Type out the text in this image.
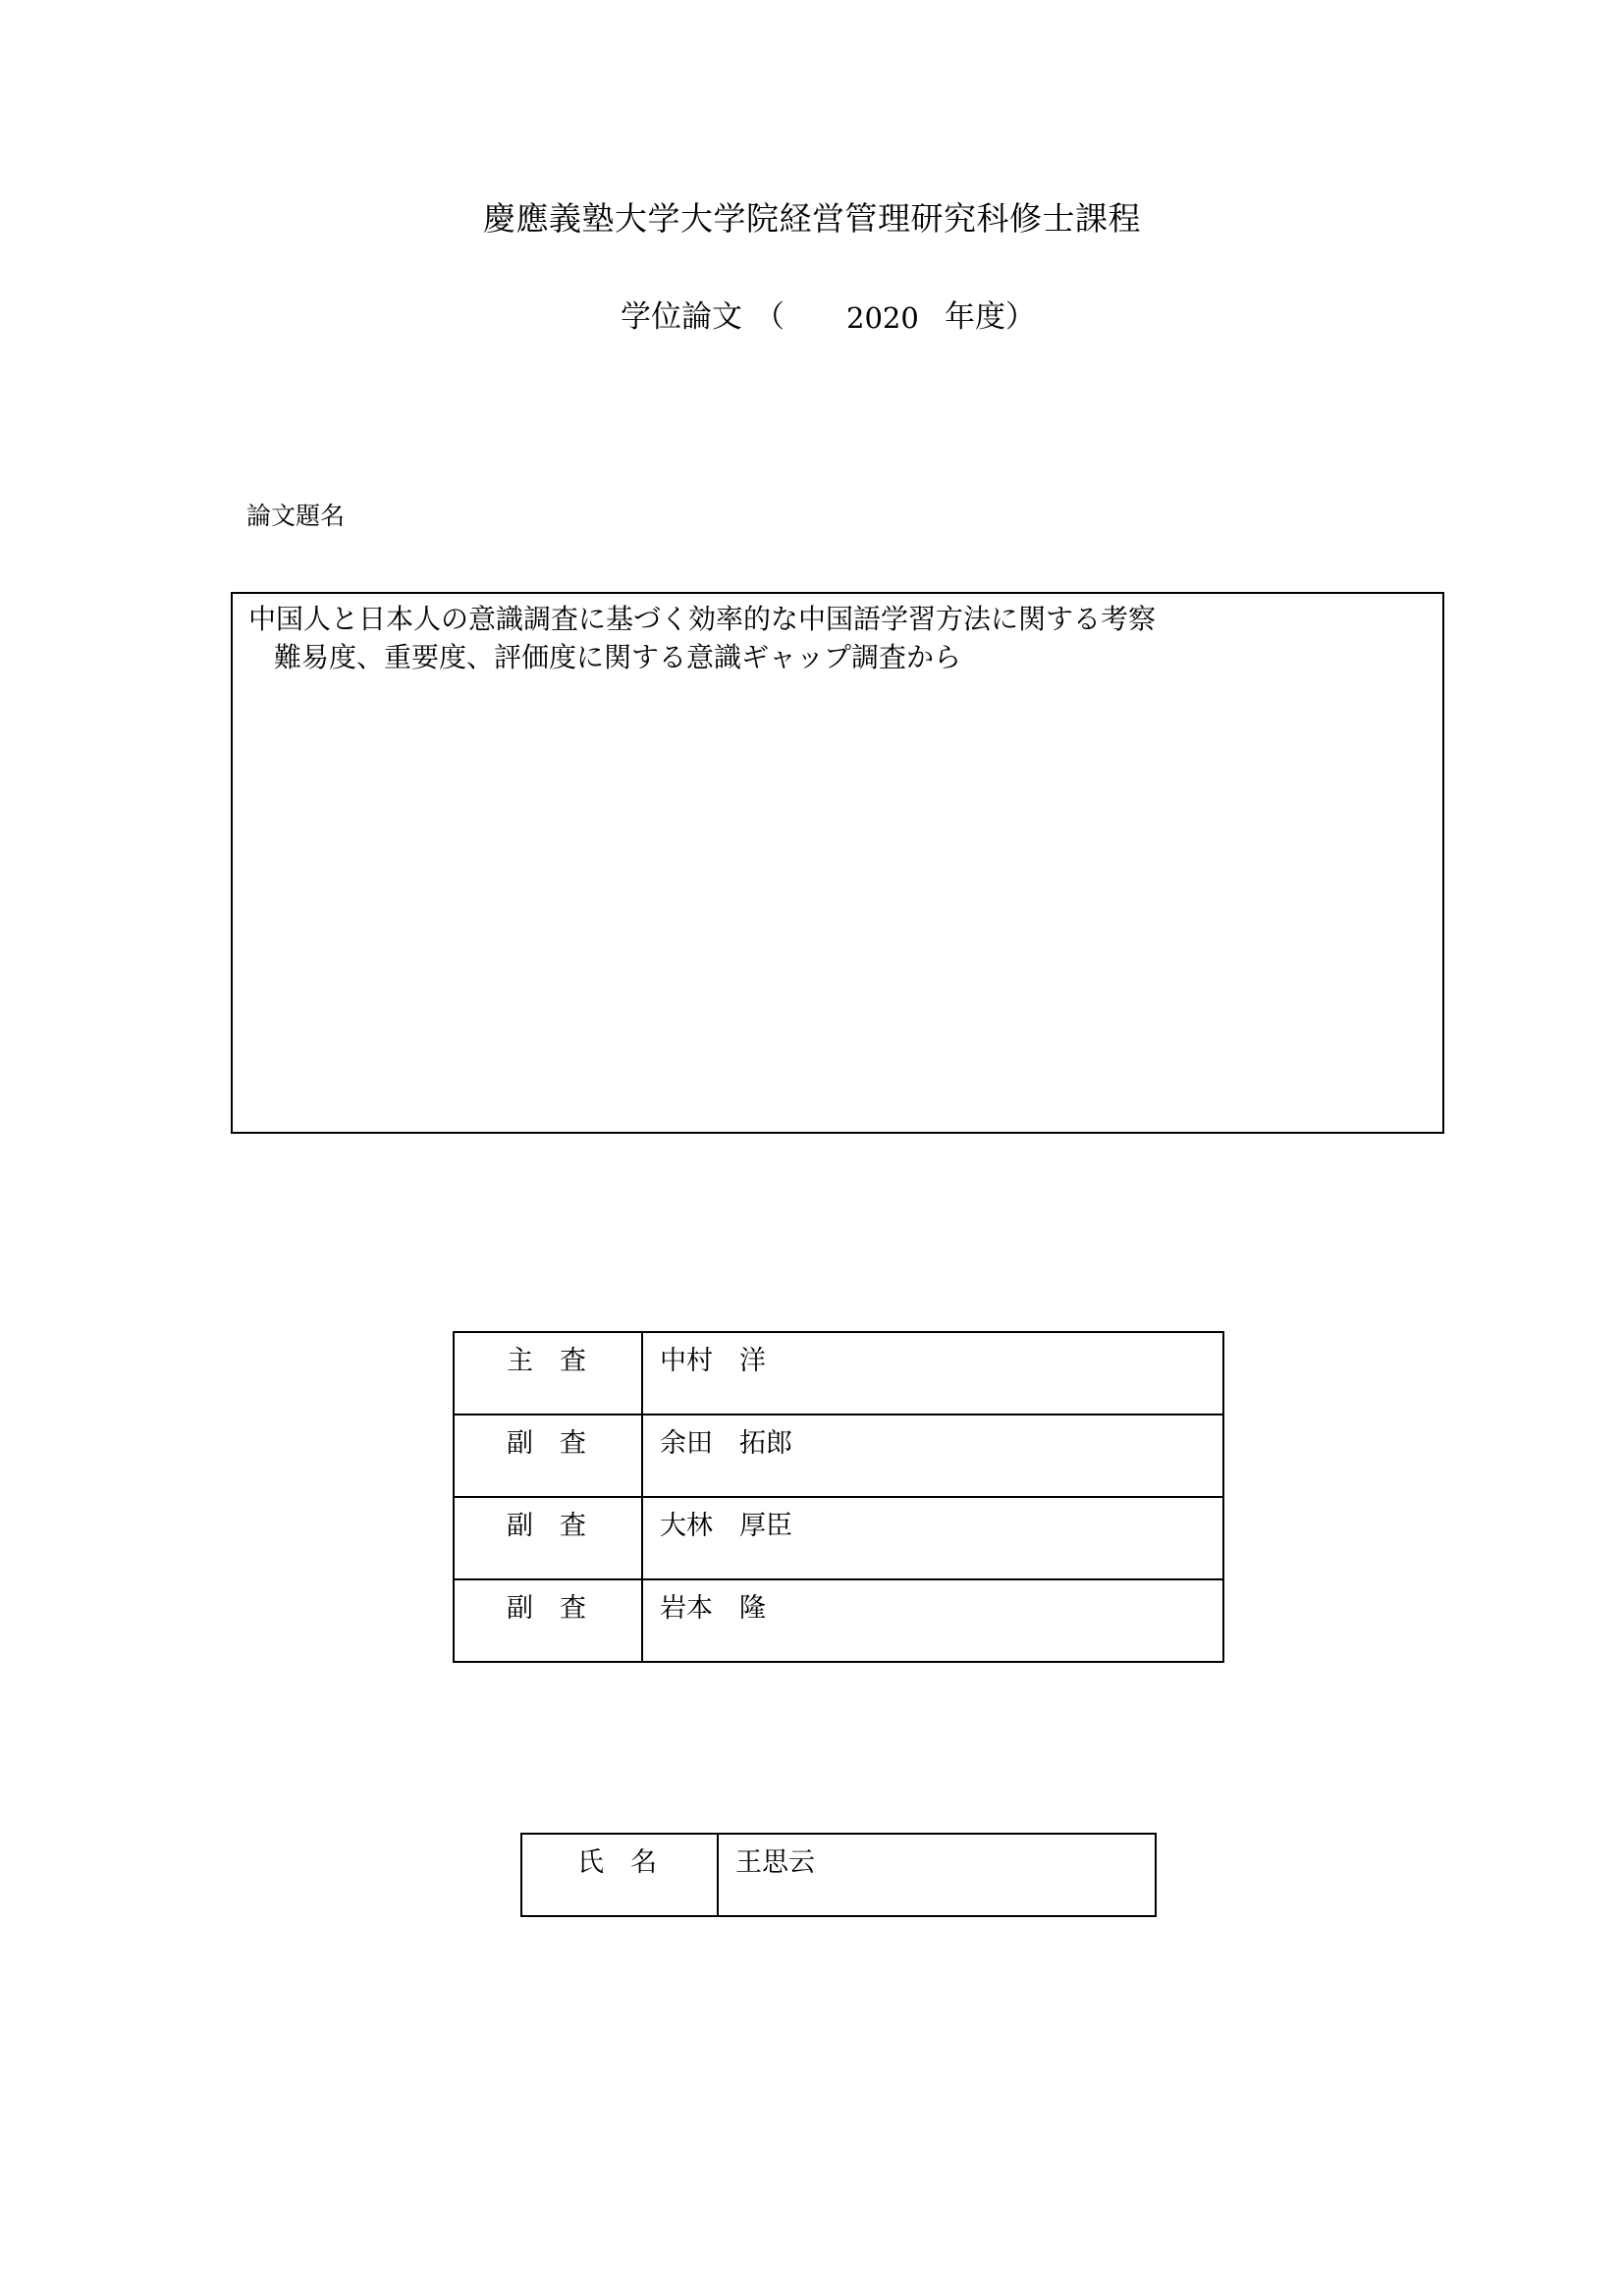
慶應義塾大学大学院経営管理研究科修士課程

学位論文

（

2020

年度）

論文題名
中国人と日本人の意識調査に基づく効率的な中国語学習方法に関する考察
難易度、重要度、評価度に関する意識ギャップ調査から
主　査	中村　洋
副　査	余田　拓郎
副　査	大林　厚臣
副　査	岩本　隆
氏　名	王思云
